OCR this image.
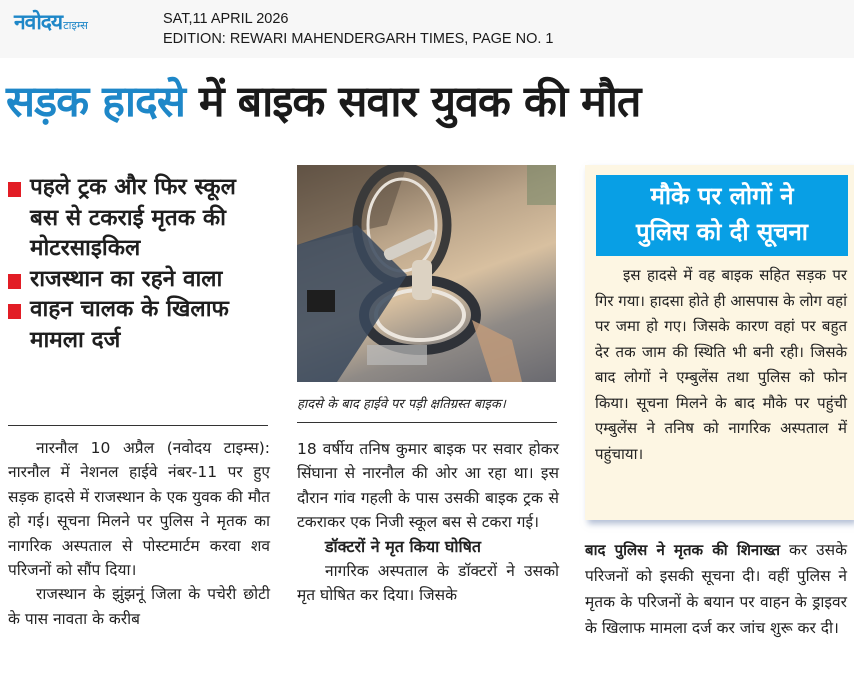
नवोदय टाइम्स	SAT,11 APRIL 2026
EDITION: REWARI MAHENDERGARH TIMES, PAGE NO. 1
सड़क हादसे में बाइक सवार युवक की मौत
पहले ट्रक और फिर स्कूल बस से टकराई मृतक की मोटरसाइकिल
राजस्थान का रहने वाला
वाहन चालक के खिलाफ मामला दर्ज
नारनौल 10 अप्रैल (नवोदय टाइम्स): नारनौल में नेशनल हाईवे नंबर-11 पर हुए सड़क हादसे में राजस्थान के एक युवक की मौत हो गई। सूचना मिलने पर पुलिस ने मृतक का नागरिक अस्पताल से पोस्टमार्टम करवा शव परिजनों को सौंप दिया।
राजस्थान के झुंझनूं जिला के पचेरी छोटी के पास नावता के करीब
हादसे के बाद हाईवे पर पड़ी क्षतिग्रस्त बाइक।
18 वर्षीय तनिष कुमार बाइक पर सवार होकर सिंघाना से नारनौल की ओर आ रहा था। इस दौरान गांव गहली के पास उसकी बाइक ट्रक से टकराकर एक निजी स्कूल बस से टकरा गई।
डॉक्टरों ने मृत किया घोषित
नागरिक अस्पताल के डॉक्टरों ने उसको मृत घोषित कर दिया। जिसके
मौके पर लोगों ने
पुलिस को दी सूचना
इस हादसे में वह बाइक सहित सड़क पर गिर गया। हादसा होते ही आसपास के लोग वहां पर जमा हो गए। जिसके कारण वहां पर बहुत देर तक जाम की स्थिति भी बनी रही। जिसके बाद लोगों ने एम्बुलेंस तथा पुलिस को फोन किया। सूचना मिलने के बाद मौके पर पहुंची एम्बुलेंस ने तनिष को नागरिक अस्पताल में पहुंचाया।
बाद पुलिस ने मृतक की शिनाख्त कर उसके परिजनों को इसकी सूचना दी। वहीं पुलिस ने मृतक के परिजनों के बयान पर वाहन के ड्राइवर के खिलाफ मामला दर्ज कर जांच शुरू कर दी।
